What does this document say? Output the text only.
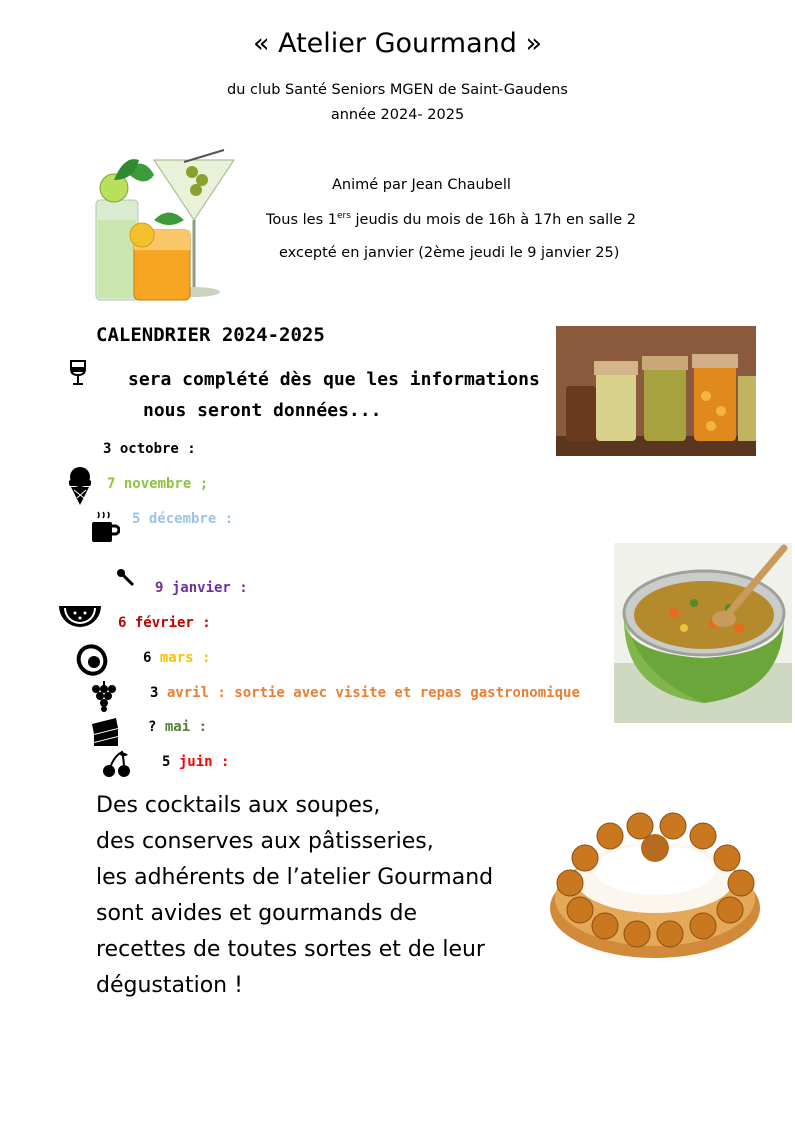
« Atelier Gourmand »
du club Santé Seniors MGEN de Saint-Gaudens
année 2024- 2025
Animé par Jean Chaubell
Tous les 1ers jeudis du mois de 16h à 17h en salle 2
excepté en janvier (2ème jeudi le 9 janvier 25)
CALENDRIER 2024-2025
sera complété dès que les informations
nous seront données...
3 octobre :
7 novembre ;
5 décembre :
9 janvier :
6 février :
6 mars :
3 avril : sortie avec visite et repas gastronomique
? mai :
5 juin :
Des cocktails aux soupes,
des conserves aux pâtisseries,
les adhérents de l’atelier Gourmand
sont avides et gourmands de
recettes de toutes sortes et de leur
dégustation !
